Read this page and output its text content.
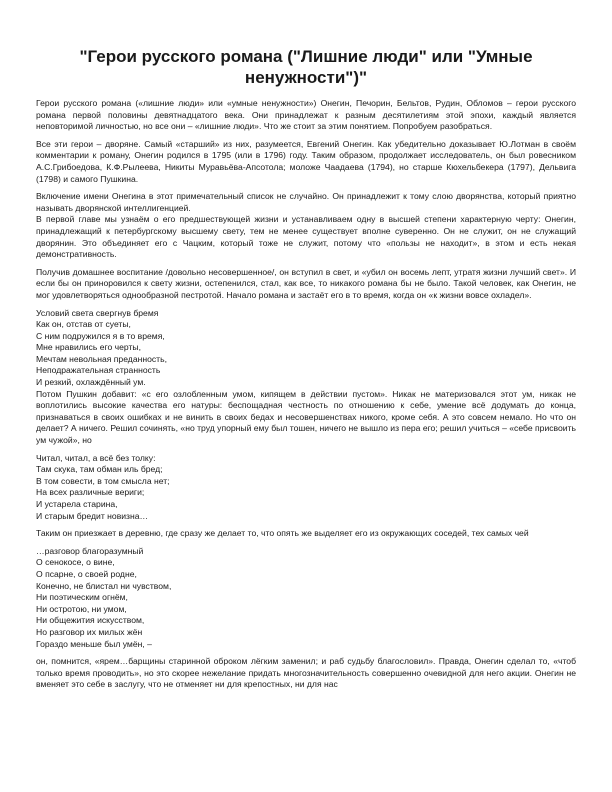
"Герои русского романа ("Лишние люди" или "Умные ненужности")"
Герои русского романа («лишние люди» или «умные ненужности») Онегин, Печорин, Бельтов, Рудин, Обломов – герои русского романа первой половины девятнадцатого века. Они принадлежат к разным десятилетиям этой эпохи, каждый является неповторимой личностью, но все они – «лишние люди». Что же стоит за этим понятием. Попробуем разобраться.
Все эти герои – дворяне. Самый «старший» из них, разумеется, Евгений Онегин. Как убедительно доказывает Ю.Лотман в своём комментарии к роману, Онегин родился в 1795 (или в 1796) году. Таким образом, продолжает исследователь, он был ровесником А.С.Грибоедова, К.Ф.Рылеева, Никиты Муравьёва-Апсотола; моложе Чаадаева (1794), но старше Кюхельбекера (1797), Дельвига (1798) и самого Пушкина.
Включение имени Онегина в этот примечательный список не случайно. Он принадлежит к тому слою дворянства, который приятно называть дворянской интеллигенцией.
В первой главе мы узнаём о его предшествующей жизни и устанавливаем одну в высшей степени характерную черту: Онегин, принадлежащий к петербургскому высшему свету, тем не менее существует вполне суверенно. Он не служит, он не служащий дворянин. Это объединяет его с Чацким, который тоже не служит, потому что «пользы не находит», в этом и есть некая демонстративность.
Получив домашнее воспитание /довольно несовершенное/, он вступил в свет, и «убил он восемь лепт, утратя жизни лучший свет». И если бы он приноровился к свету жизни, остепенился, стал, как все, то никакого романа бы не было. Такой человек, как Онегин, не мог удовлетворяться однообразной пестротой. Начало романа и застаёт его в то время, когда он «к жизни вовсе охладел».
Условий света свергнув бремя
Как он, отстав от суеты,
С ним подружился я в то время,
Мне нравились его черты,
Мечтам невольная преданность,
Неподражательная странность
И резкий, охлаждённый ум.
Потом Пушкин добавит: «с его озлобленным умом, кипящем в действии пустом». Никак не материзовался этот ум, никак не воплотились высокие качества его натуры: беспощадная честность по отношению к себе, умение всё додумать до конца, признаваться в своих ошибках и не винить в своих бедах и несовершенствах никого, кроме себя. А это совсем немало. Но что он делает? А ничего. Решил сочинять, «но труд упорный ему был тошен, ничего не вышло из пера его; решил учиться – «себе присвоить ум чужой», но
Читал, читал, а всё без толку:
Там скука, там обман иль бред;
В том совести, в том смысла нет;
На всех различные вериги;
И устарела старина,
И старым бредит новизна…
Таким он приезжает в деревню, где сразу же делает то, что опять же выделяет его из окружающих соседей, тех самых чей
…разговор благоразумный
О сенокосе, о вине,
О псарне, о своей родне,
Конечно, не блистал ни чувством,
Ни поэтическим огнём,
Ни остротою, ни умом,
Ни общежития искусством,
Но разговор их милых жён
Гораздо меньше был умён, –
он, помнится, «ярем…барщины старинной оброком лёгким заменил; и раб судьбу благословил». Правда, Онегин сделал то, «чтоб только время проводить», но это скорее нежелание придать многозначительность совершенно очевидной для него акции. Онегин не вменяет это себе в заслугу, что не отменяет ни для крепостных, ни для нас
